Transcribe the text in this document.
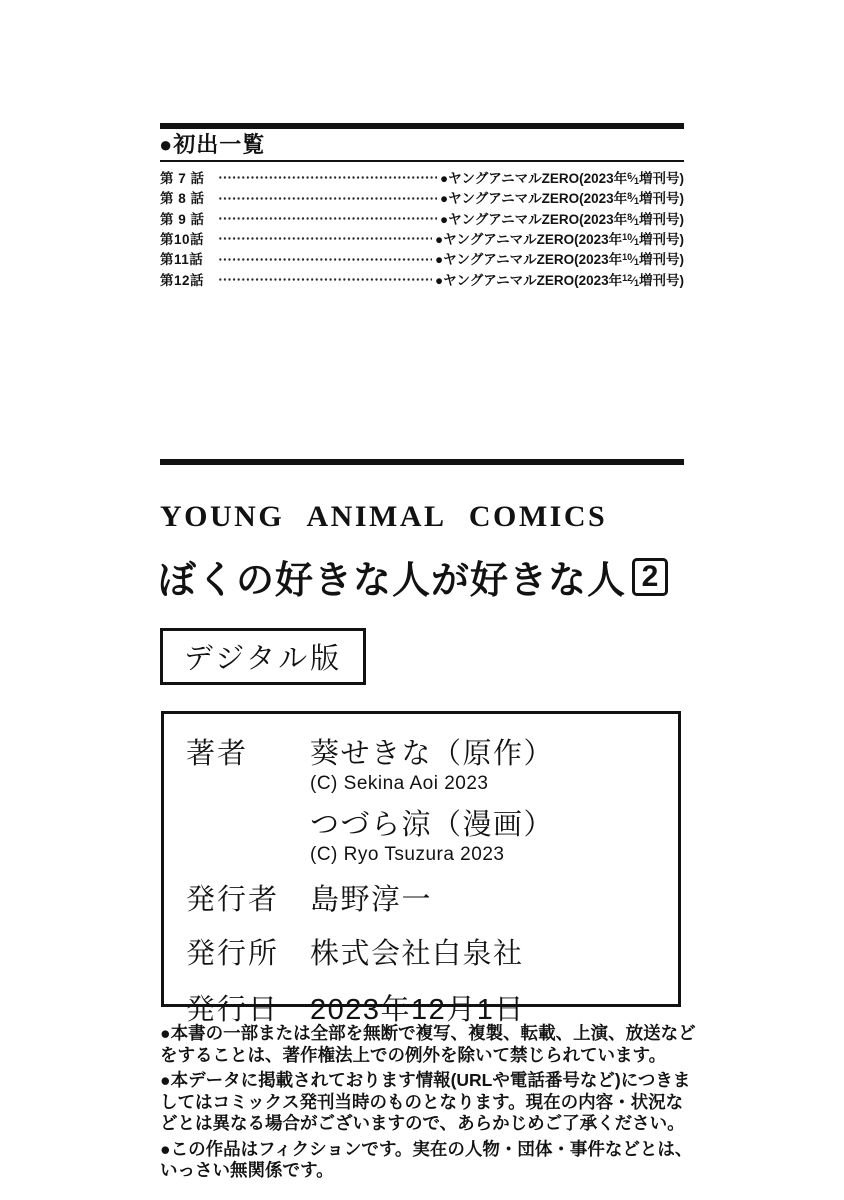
●初出一覧
第 7 話	●ヤングアニマルZERO(2023年$^6$ ⁄ 1増刊号)
第 8 話	●ヤングアニマルZERO(2023年$^8$ ⁄ 1増刊号)
第 9 話	●ヤングアニマルZERO(2023年$^8$ ⁄ 1増刊号)
第10話	●ヤングアニマルZERO(2023年$^{10}$ ⁄ 1増刊号)
第11話	●ヤングアニマルZERO(2023年$^{10}$ ⁄ 1増刊号)
第12話	●ヤングアニマルZERO(2023年$^{12}$ ⁄ 1増刊号)

YOUNG ANIMAL COMICS

ぼくの好きな人が好きな人 2
デジタル版
著者	葵せきな（原作）
(C) Sekina Aoi 2023
つづら涼（漫画）
(C) Ryo Tsuzura 2023
発行者	島野淳一
発行所	株式会社白泉社
発行日	2023年12月1日

●本書の一部または全部を無断で複写、複製、転載、上演、放送などをすることは、著作権法上での例外を除いて禁じられています。

●本データに掲載されております情報(URLや電話番号など)につきましてはコミックス発刊当時のものとなります。現在の内容・状況などとは異なる場合がございますので、あらかじめご了承ください。

●この作品はフィクションです。実在の人物・団体・事件などとは、いっさい無関係です。
